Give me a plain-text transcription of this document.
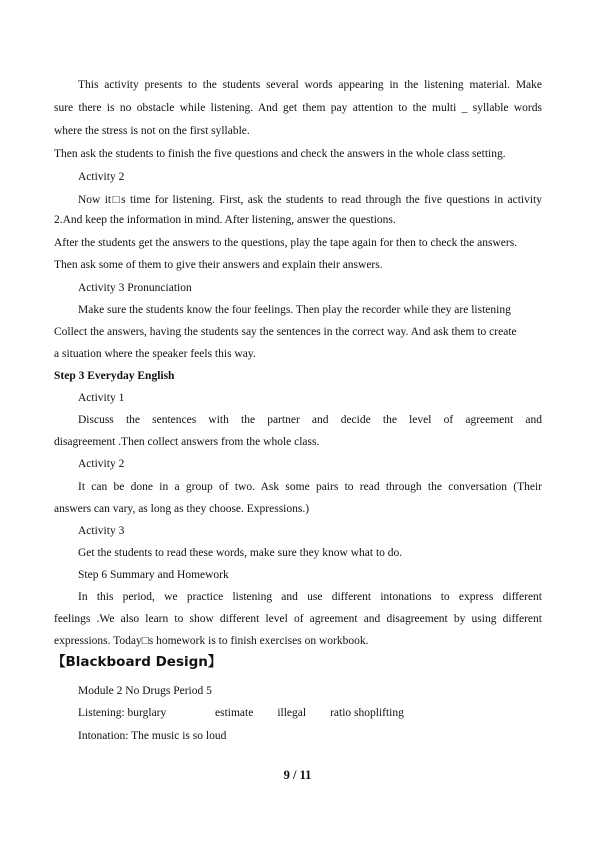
This activity presents to the students several words appearing in the listening material. Make
sure there is no obstacle while listening. And get them pay attention to the multi _ syllable words
where the stress is not on the first syllable.
Then ask the students to finish the five questions and check the answers in the whole class setting.
Activity 2
Now it□s time for listening. First, ask the students to read through the five questions in activity
2.And keep the information in mind. After listening, answer the questions.
After the students get the answers to the questions, play the tape again for then to check the answers.
Then ask some of them to give their answers and explain their answers.
Activity 3 Pronunciation
Make sure the students know the four feelings. Then play the recorder while they are listening
Collect the answers, having the students say the sentences in the correct way. And ask them to create
a situation where the speaker feels this way.
Step 3 Everyday English
Activity 1
Discuss the sentences with the partner and decide the level of agreement and
disagreement .Then collect answers from the whole class.
Activity 2
It can be done in a group of two. Ask some pairs to read through the conversation (Their
answers can vary, as long as they choose. Expressions.)
Activity 3
Get the students to read these words, make sure they know what to do.
Step 6 Summary and Homework
In this period, we practice listening and use different intonations to express different
feelings .We also learn to show different level of agreement and disagreement by using different
expressions. Today□s homework is to finish exercises on workbook.
【Blackboard Design】
Module 2 No Drugs Period 5
Listening: burglary	estimate illegal ratio shoplifting
Intonation: The music is so loud
9 / 11
